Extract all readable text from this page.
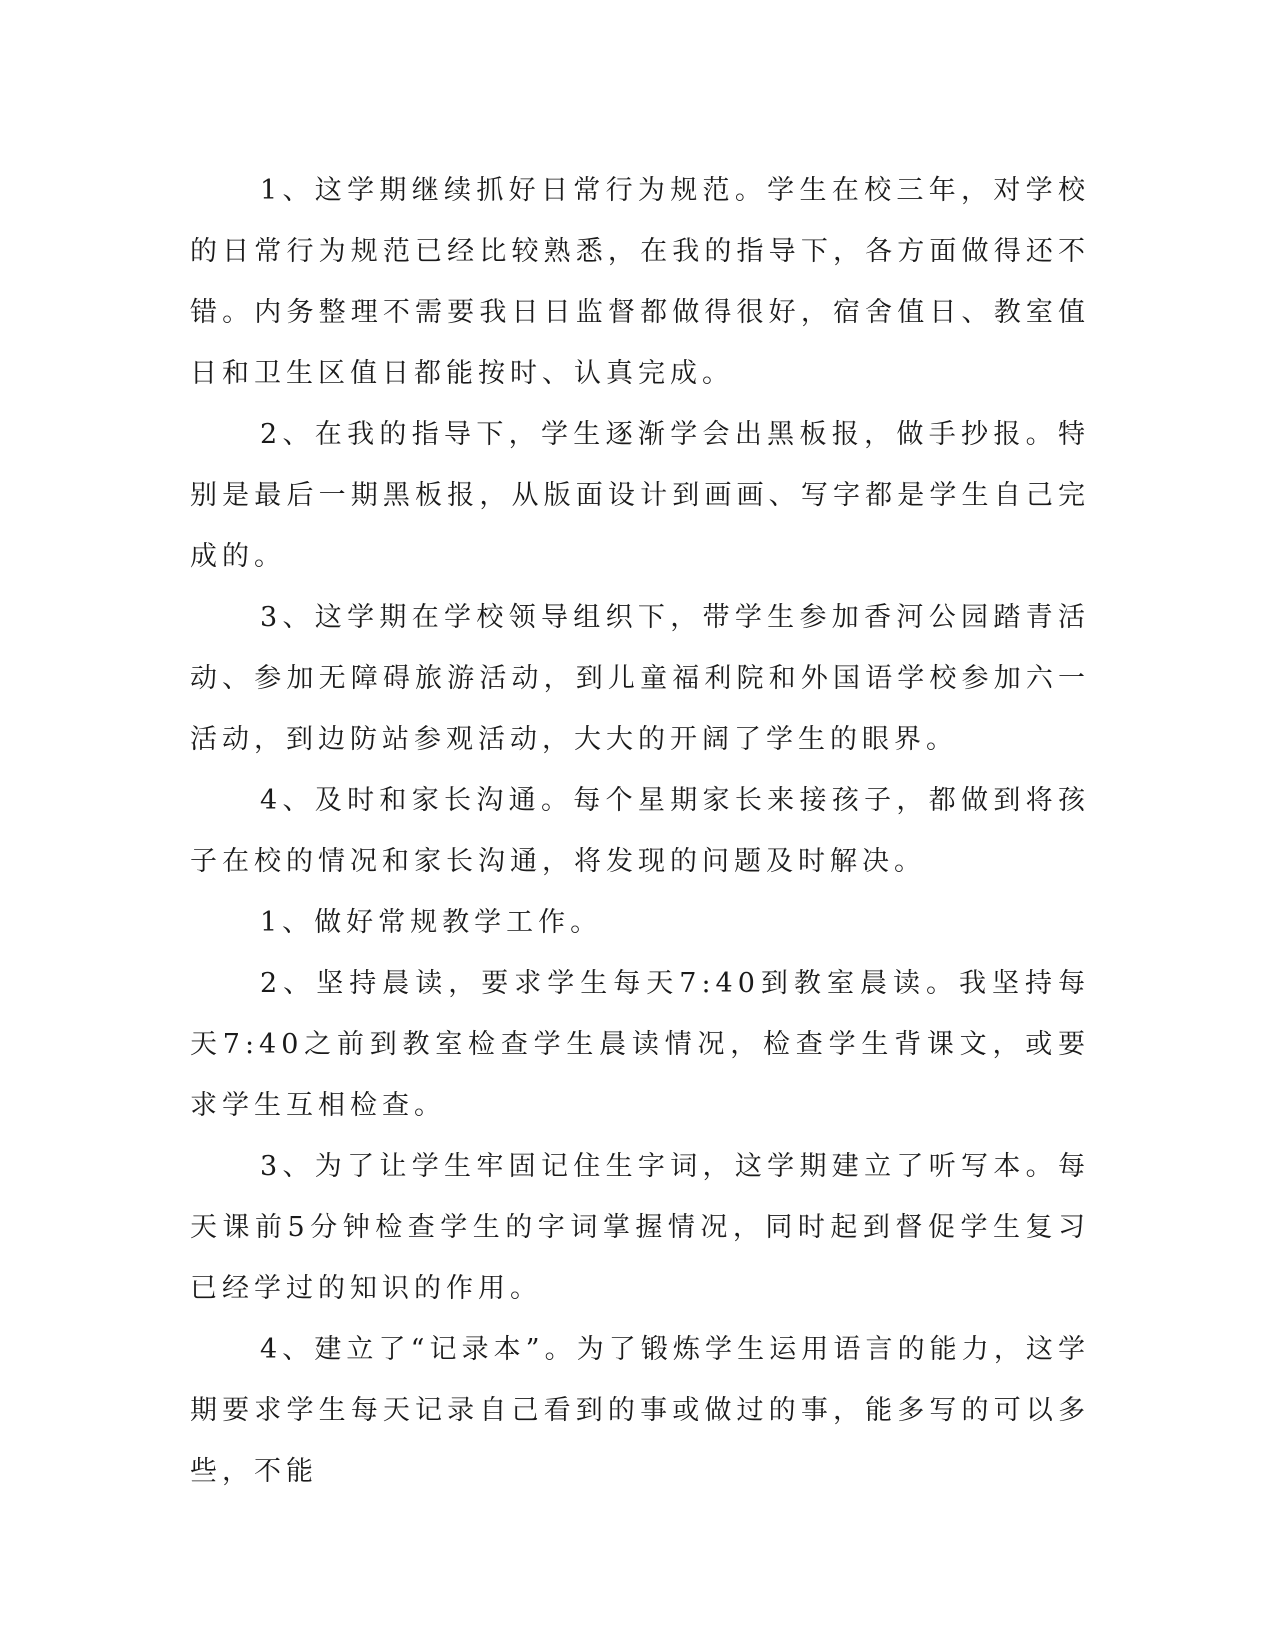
1、这学期继续抓好日常行为规范。学生在校三年，对学校的日常行为规范已经比较熟悉，在我的指导下，各方面做得还不错。内务整理不需要我日日监督都做得很好，宿舍值日、教室值日和卫生区值日都能按时、认真完成。

2、在我的指导下，学生逐渐学会出黑板报，做手抄报。特别是最后一期黑板报，从版面设计到画画、写字都是学生自己完成的。

3、这学期在学校领导组织下，带学生参加香河公园踏青活动、参加无障碍旅游活动，到儿童福利院和外国语学校参加六一活动，到边防站参观活动，大大的开阔了学生的眼界。

4、及时和家长沟通。每个星期家长来接孩子，都做到将孩子在校的情况和家长沟通，将发现的问题及时解决。

1、做好常规教学工作。

2、坚持晨读，要求学生每天7:40到教室晨读。我坚持每天7:40之前到教室检查学生晨读情况，检查学生背课文，或要求学生互相检查。

3、为了让学生牢固记住生字词，这学期建立了听写本。每天课前5分钟检查学生的字词掌握情况，同时起到督促学生复习已经学过的知识的作用。

4、建立了“记录本”。为了锻炼学生运用语言的能力，这学期要求学生每天记录自己看到的事或做过的事，能多写的可以多些，不能
